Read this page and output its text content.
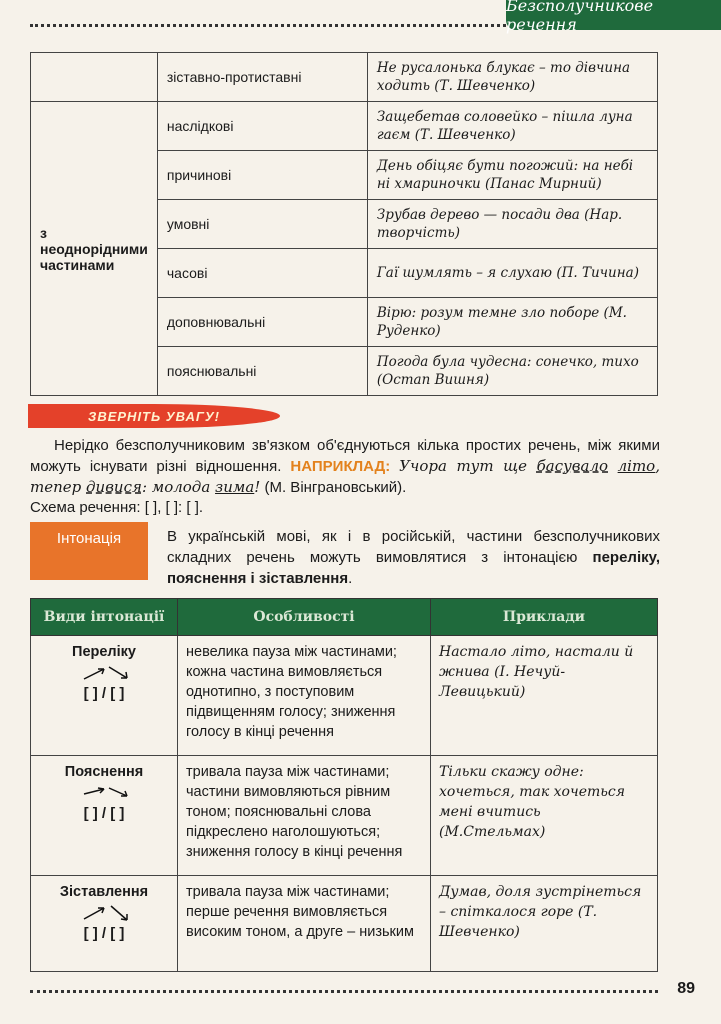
Безсполучникове речення
	зіставно-протиставні	Не русалонька блукає – то дівчина ходить (Т. Шевченко)
з неоднорідними частинами	наслідкові	Защебетав соловейко – пішла луна гаєм (Т. Шевченко)
	причинові	День обіцяє бути погожий: на небі ні хмариночки (Панас Мирний)
	умовні	Зрубав дерево — посади два (Нар. творчість)
	часові	Гаї шумлять – я слухаю (П. Тичина)
	доповнювальні	Вірю: розум темне зло поборе (М. Руденко)
	пояснювальні	Погода була чудесна: сонечко, тихо (Остап Вишня)
ЗВЕРНІТЬ УВАГУ!
Нерідко безсполучниковим зв'язком об'єднуються кілька простих речень, між якими можуть існувати різні відношення. НАПРИКЛАД: Учора тут ще басувало літо, тепер дивися: молода зима! (М. Вінграновський).
Схема речення: [ ], [ ]: [ ].
Інтонація	В українській мові, як і в російській, частини безсполучникових складних речень можуть вимовлятися з інтонацією переліку, пояснення і зіставлення.
Види інтонації	Особливості	Приклади

Переліку
[ ] / [ ]	невелика пауза між частинами; кожна частина вимовляється однотипно, з поступовим підвищенням голосу; зниження голосу в кінці речення	Настало літо, настали й жнива (І. Нечуй-Левицький)

Пояснення
[ ] / [ ]	тривала пауза між частинами; частини вимовляються рівним тоном; пояснювальні слова підкреслено наголошуються; зниження голосу в кінці речення	Тільки скажу одне: хочеться, так хочеться мені вчитись (М.Стельмах)

Зіставлення
[ ] / [ ]	тривала пауза між частинами; перше речення вимовляється високим тоном, а друге – низьким	Думав, доля зустрінеться – спіткалося горе (Т. Шевченко)
89
